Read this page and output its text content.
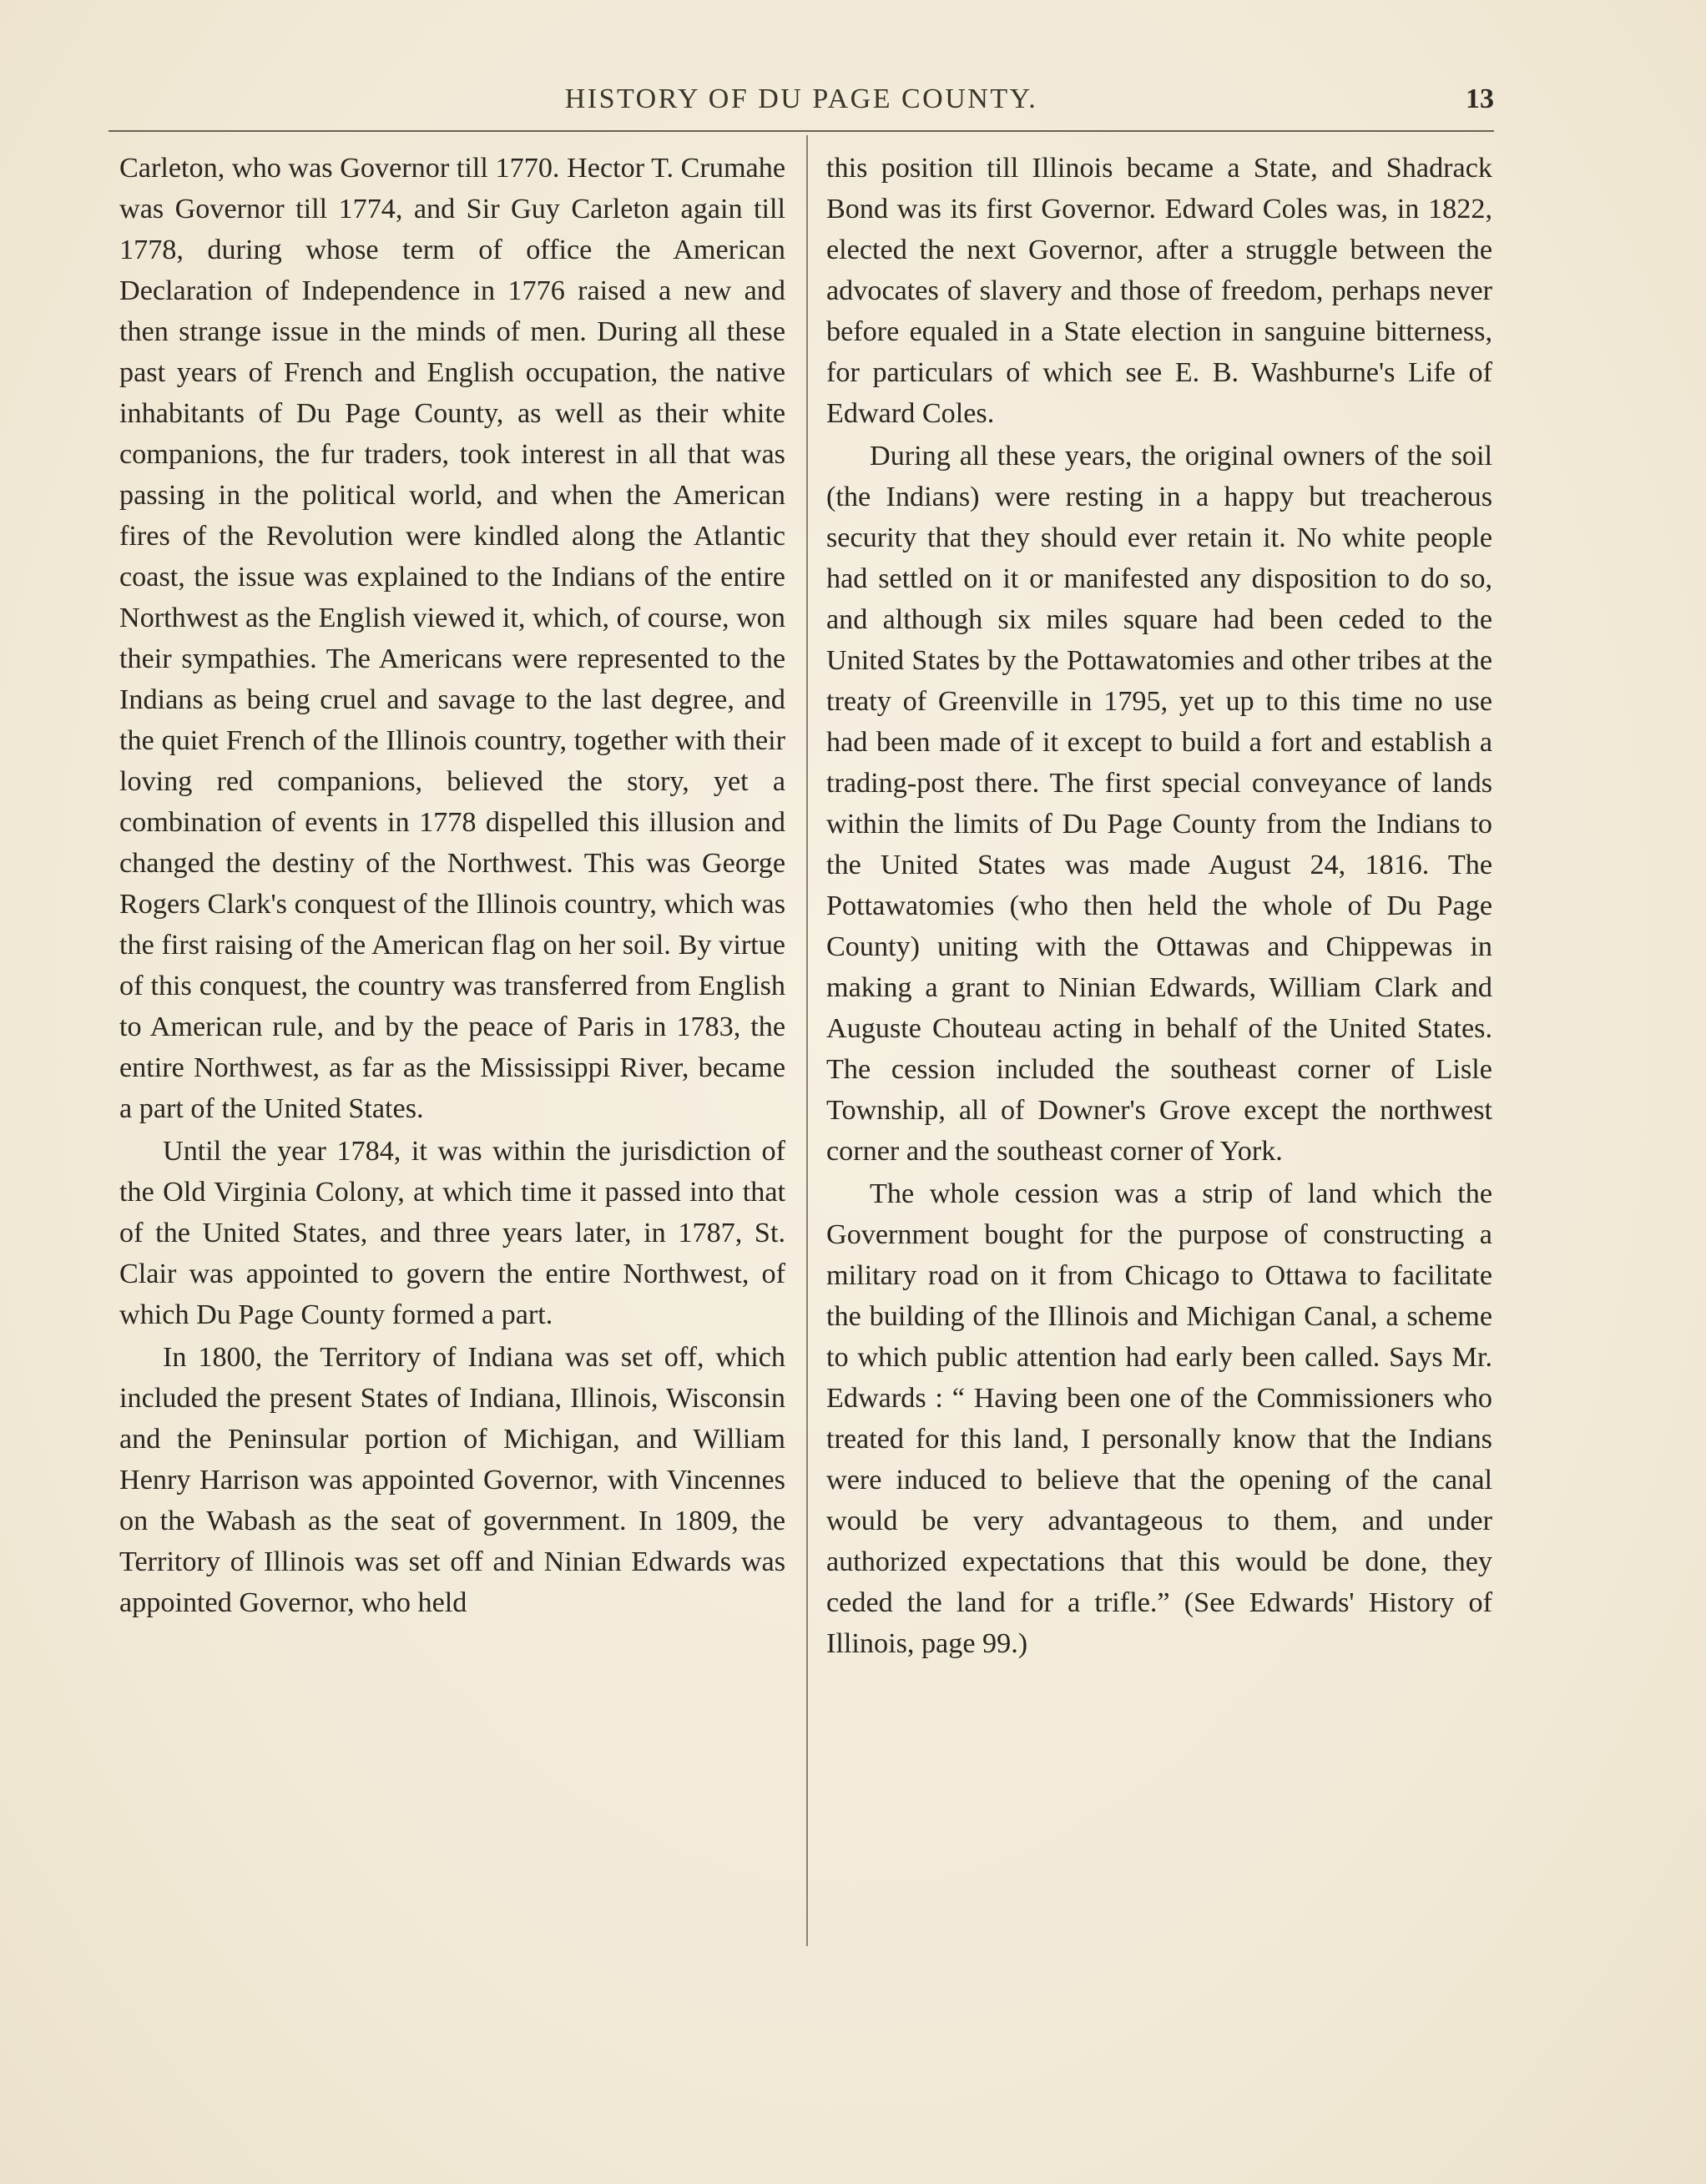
HISTORY OF DU PAGE COUNTY.	13

Carleton, who was Governor till 1770. Hector T. Crumahe was Governor till 1774, and Sir Guy Carleton again till 1778, during whose term of office the American Declaration of Independence in 1776 raised a new and then strange issue in the minds of men. During all these past years of French and English occupation, the native inhabitants of Du Page County, as well as their white companions, the fur traders, took interest in all that was passing in the political world, and when the American fires of the Revolution were kindled along the Atlantic coast, the issue was explained to the Indians of the entire Northwest as the English viewed it, which, of course, won their sympathies. The Americans were represented to the Indians as being cruel and savage to the last degree, and the quiet French of the Illinois country, together with their loving red companions, believed the story, yet a combination of events in 1778 dispelled this illusion and changed the destiny of the Northwest. This was George Rogers Clark's conquest of the Illinois country, which was the first raising of the American flag on her soil. By virtue of this conquest, the country was transferred from English to American rule, and by the peace of Paris in 1783, the entire Northwest, as far as the Mississippi River, became a part of the United States.

Until the year 1784, it was within the jurisdiction of the Old Virginia Colony, at which time it passed into that of the United States, and three years later, in 1787, St. Clair was appointed to govern the entire Northwest, of which Du Page County formed a part.

In 1800, the Territory of Indiana was set off, which included the present States of Indiana, Illinois, Wisconsin and the Peninsular portion of Michigan, and William Henry Harrison was appointed Governor, with Vincennes on the Wabash as the seat of government. In 1809, the Territory of Illinois was set off and Ninian Edwards was appointed Governor, who held

this position till Illinois became a State, and Shadrack Bond was its first Governor. Edward Coles was, in 1822, elected the next Governor, after a struggle between the advocates of slavery and those of freedom, perhaps never before equaled in a State election in sanguine bitterness, for particulars of which see E. B. Washburne's Life of Edward Coles.

During all these years, the original owners of the soil (the Indians) were resting in a happy but treacherous security that they should ever retain it. No white people had settled on it or manifested any disposition to do so, and although six miles square had been ceded to the United States by the Pottawatomies and other tribes at the treaty of Greenville in 1795, yet up to this time no use had been made of it except to build a fort and establish a trading-post there. The first special conveyance of lands within the limits of Du Page County from the Indians to the United States was made August 24, 1816. The Pottawatomies (who then held the whole of Du Page County) uniting with the Ottawas and Chippewas in making a grant to Ninian Edwards, William Clark and Auguste Chouteau acting in behalf of the United States. The cession included the southeast corner of Lisle Township, all of Downer's Grove except the northwest corner and the southeast corner of York.

The whole cession was a strip of land which the Government bought for the purpose of constructing a military road on it from Chicago to Ottawa to facilitate the building of the Illinois and Michigan Canal, a scheme to which public attention had early been called. Says Mr. Edwards : “ Having been one of the Commissioners who treated for this land, I personally know that the Indians were induced to believe that the opening of the canal would be very advantageous to them, and under authorized expectations that this would be done, they ceded the land for a trifle.” (See Edwards' History of Illinois, page 99.)
